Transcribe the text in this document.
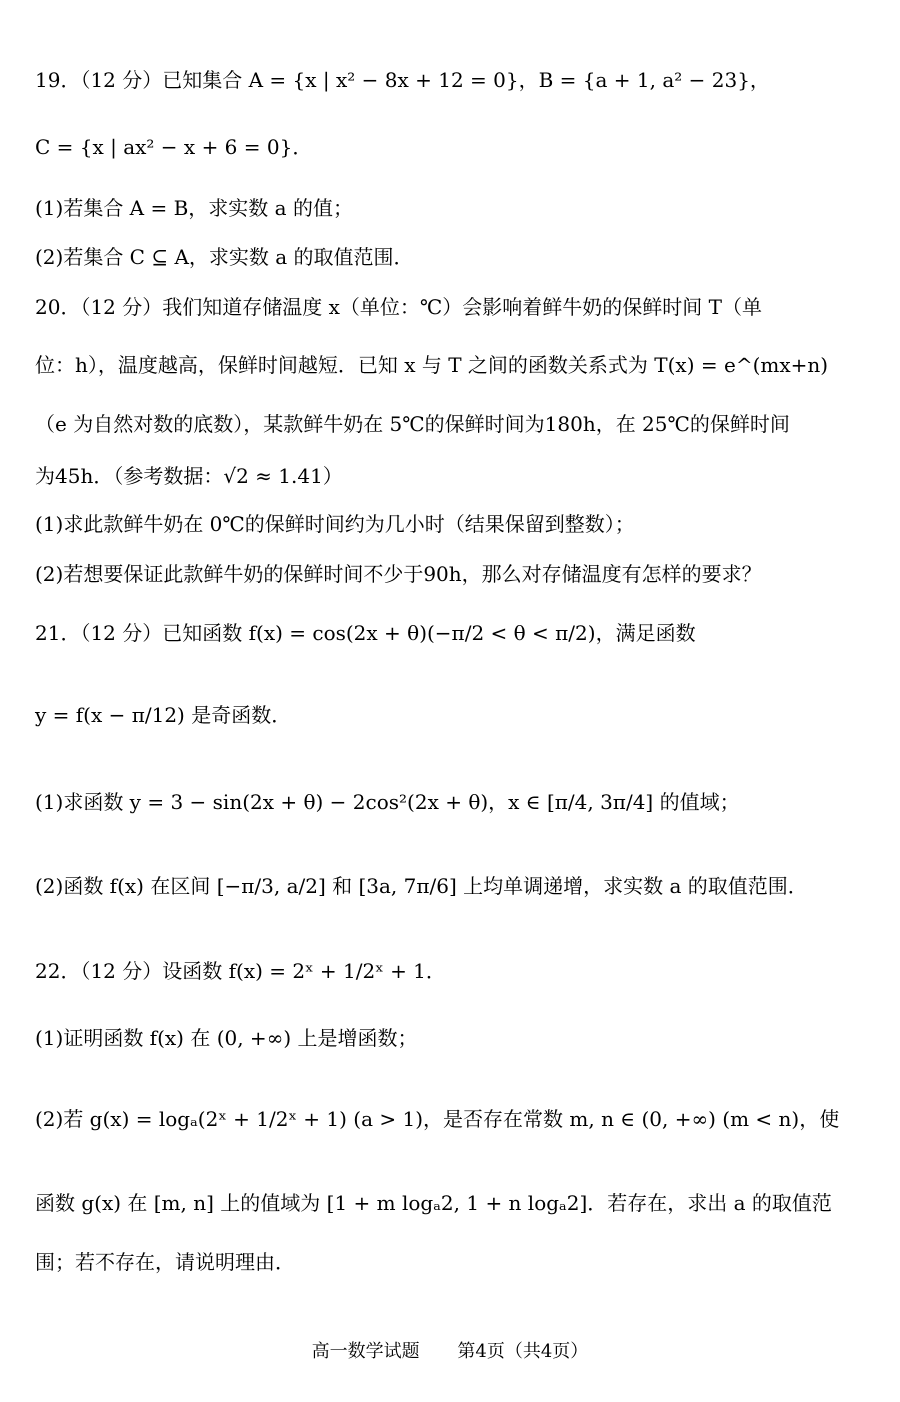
19．（12 分）已知集合 A = {x | x² − 8x + 12 = 0}，B = {a + 1, a² − 23}，
C = {x | ax² − x + 6 = 0}．
(1)若集合 A = B，求实数 a 的值；
(2)若集合 C ⊆ A，求实数 a 的取值范围．
20．（12 分）我们知道存储温度 x（单位：℃）会影响着鲜牛奶的保鲜时间 T（单
位：h），温度越高，保鲜时间越短．已知 x 与 T 之间的函数关系式为 T(x) = e^(mx+n)
（e 为自然对数的底数），某款鲜牛奶在 5℃的保鲜时间为180h，在 25℃的保鲜时间
为45h．（参考数据：√2 ≈ 1.41）
(1)求此款鲜牛奶在 0℃的保鲜时间约为几小时（结果保留到整数）；
(2)若想要保证此款鲜牛奶的保鲜时间不少于90h，那么对存储温度有怎样的要求？
21．（12 分）已知函数 f(x) = cos(2x + θ)(−π/2 < θ < π/2)，满足函数
y = f(x − π/12) 是奇函数．
(1)求函数 y = 3 − sin(2x + θ) − 2cos²(2x + θ)，x ∈ [π/4, 3π/4] 的值域；
(2)函数 f(x) 在区间 [−π/3, a/2] 和 [3a, 7π/6] 上均单调递增，求实数 a 的取值范围．
22．（12 分）设函数 f(x) = 2ˣ + 1/2ˣ + 1．
(1)证明函数 f(x) 在 (0, +∞) 上是增函数；
(2)若 g(x) = logₐ(2ˣ + 1/2ˣ + 1) (a > 1)，是否存在常数 m, n ∈ (0, +∞) (m < n)，使
函数 g(x) 在 [m, n] 上的值域为 [1 + m logₐ2, 1 + n logₐ2]．若存在，求出 a 的取值范
围；若不存在，请说明理由．
高一数学试题 第4页（共4页）
